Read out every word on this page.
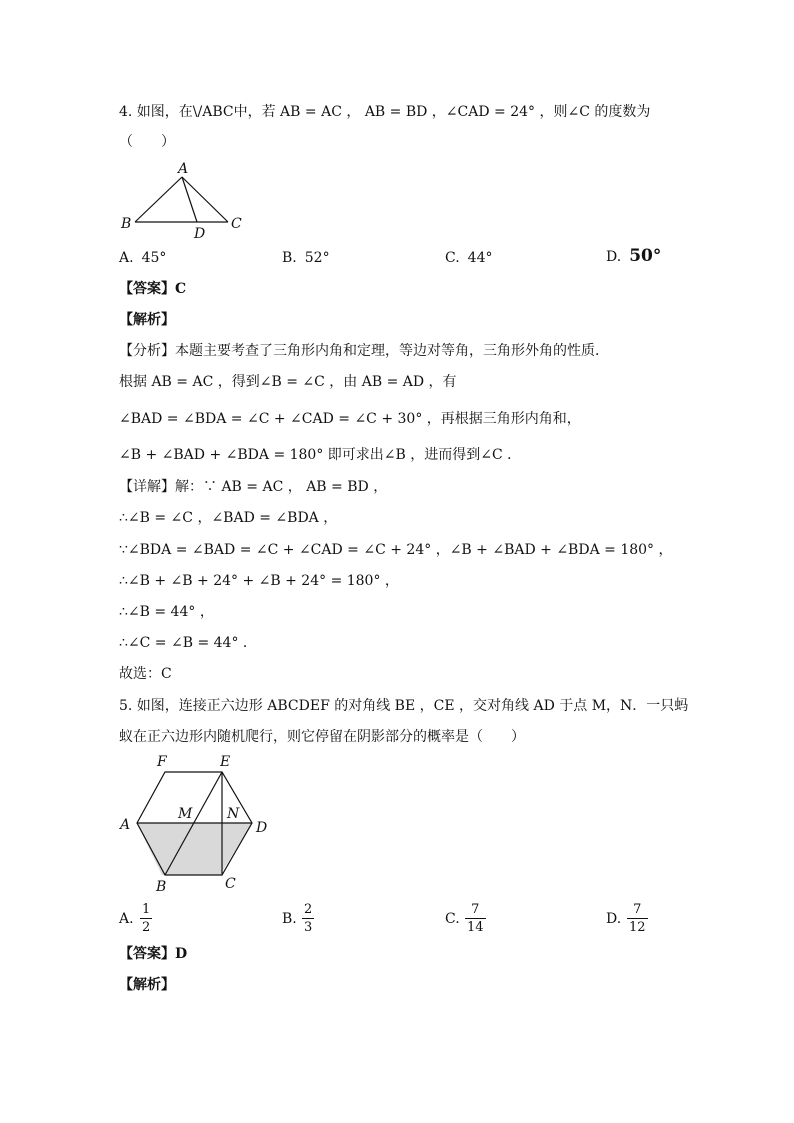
4. 如图，在\/ABC中，若 AB = AC ， AB = BD ，∠CAD = 24° ，则∠C 的度数为
（　　）
A
B
D
C
A. 45°	B. 52°	C. 44°	D. 50°
【答案】C
【解析】
【分析】本题主要考查了三角形内角和定理，等边对等角，三角形外角的性质．
根据 AB = AC ，得到∠B = ∠C ，由 AB = AD ，有
∠BAD = ∠BDA = ∠C + ∠CAD = ∠C + 30° ，再根据三角形内角和，
∠B + ∠BAD + ∠BDA = 180° 即可求出∠B ，进而得到∠C ．
【详解】解：∵ AB = AC ， AB = BD ，
∴∠B = ∠C ，∠BAD = ∠BDA ，
∵∠BDA = ∠BAD = ∠C + ∠CAD = ∠C + 24° ，∠B + ∠BAD + ∠BDA = 180° ，
∴∠B + ∠B + 24° + ∠B + 24° = 180° ，
∴∠B = 44° ，
∴∠C = ∠B = 44° ．
故选：C
5. 如图，连接正六边形 ABCDEF 的对角线 BE ，CE ，交对角线 AD 于点 M，N．一只蚂
蚁在正六边形内随机爬行，则它停留在阴影部分的概率是（　　）
F	E
A
M N
D
B	C
A.
1
2
B.
2
3
C.
7
14
D.
7
12
【答案】D
【解析】
